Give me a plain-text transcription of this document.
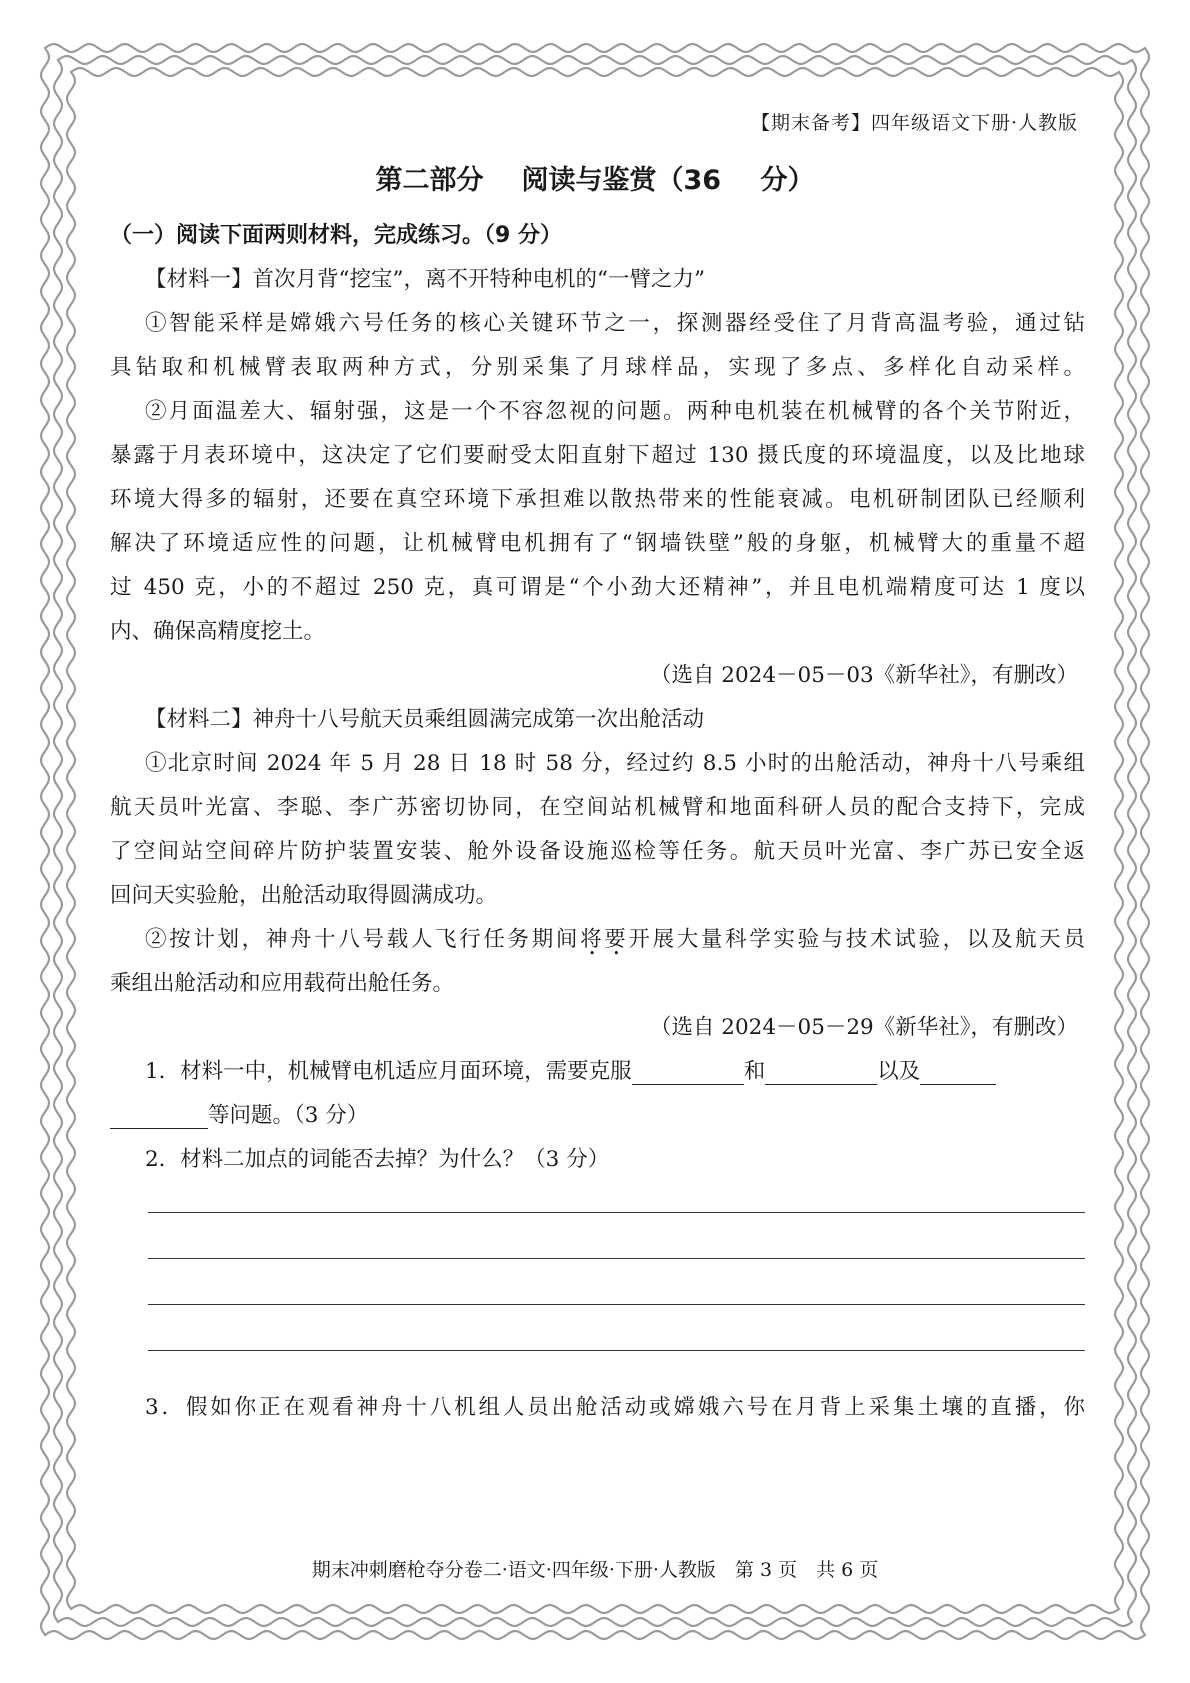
【期末备考】四年级语文下册·人教版
第二部分 阅读与鉴赏（36 分）
（一）阅读下面两则材料，完成练习。（9 分）
【材料一】首次月背“挖宝”，离不开特种电机的“一臂之力”
①智能采样是嫦娥六号任务的核心关键环节之一，探测器经受住了月背高温考验，通过钻
具钻取和机械臂表取两种方式，分别采集了月球样品，实现了多点、多样化自动采样。
②月面温差大、辐射强，这是一个不容忽视的问题。两种电机装在机械臂的各个关节附近，
暴露于月表环境中，这决定了它们要耐受太阳直射下超过 130 摄氏度的环境温度，以及比地球
环境大得多的辐射，还要在真空环境下承担难以散热带来的性能衰减。电机研制团队已经顺利
解决了环境适应性的问题，让机械臂电机拥有了“钢墙铁壁”般的身躯，机械臂大的重量不超
过 450 克，小的不超过 250 克，真可谓是“个小劲大还精神”，并且电机端精度可达 1 度以
内、确保高精度挖土。
（选自 2024－05－03《新华社》，有删改）
【材料二】神舟十八号航天员乘组圆满完成第一次出舱活动
①北京时间 2024 年 5 月 28 日 18 时 58 分，经过约 8.5 小时的出舱活动，神舟十八号乘组
航天员叶光富、李聪、李广苏密切协同，在空间站机械臂和地面科研人员的配合支持下，完成
了空间站空间碎片防护装置安装、舱外设备设施巡检等任务。航天员叶光富、李广苏已安全返
回问天实验舱，出舱活动取得圆满成功。
②按计划，神舟十八号载人飞行任务期间将要开展大量科学实验与技术试验，以及航天员
乘组出舱活动和应用载荷出舱任务。
（选自 2024－05－29《新华社》，有删改）
1．材料一中，机械臂电机适应月面环境，需要克服	和	以及
等问题。（3 分）
2．材料二加点的词能否去掉？为什么？（3 分）
3．假如你正在观看神舟十八机组人员出舱活动或嫦娥六号在月背上采集土壤的直播，你
期末冲刺磨枪夺分卷二·语文·四年级·下册·人教版　第 3 页　共 6 页
